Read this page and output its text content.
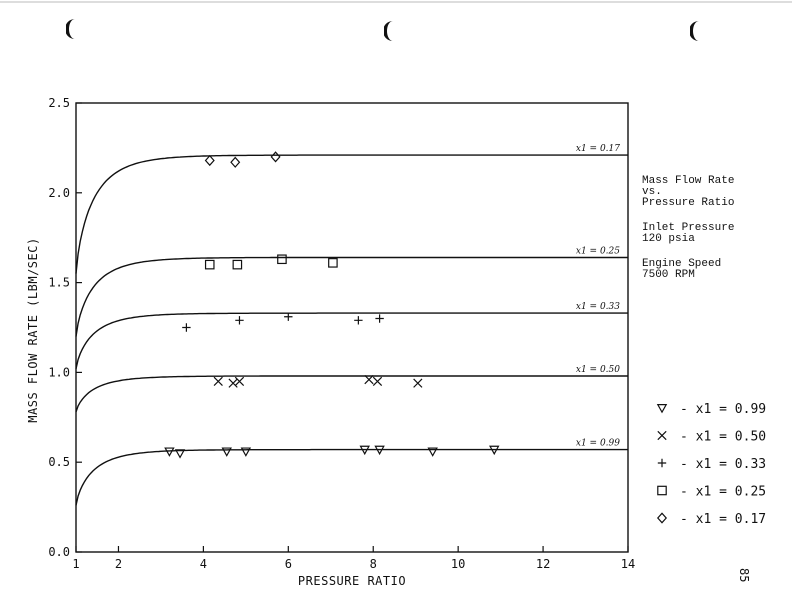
1	2	4	6	8	10	12	14
0.0
0.5
1.0
1.5
2.0
2.5
x1 = 0.17
x1 = 0.25
x1 = 0.33
x1 = 0.50
x1 = 0.99
- x1 = 0.99
- x1 = 0.50
- x1 = 0.33
- x1 = 0.25
- x1 = 0.17
PRESSURE RATIO
MASS FLOW RATE (LBM/SEC)
Mass Flow Rate
vs.
Pressure Ratio
Inlet Pressure
120 psia
Engine Speed
7500 RPM
85
